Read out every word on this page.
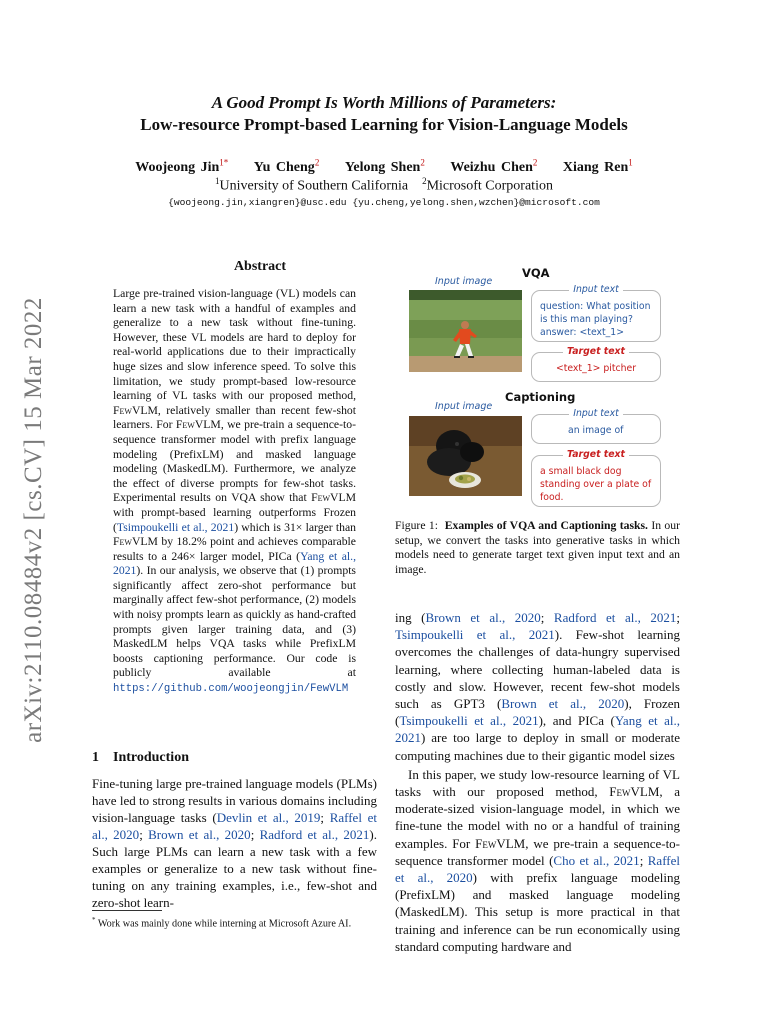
arXiv:2110.08484v2 [cs.CV] 15 Mar 2022
A Good Prompt Is Worth Millions of Parameters:
Low-resource Prompt-based Learning for Vision-Language Models
Woojeong Jin$^{1*}$ Yu Cheng$^2$ Yelong Shen$^2$ Weizhu Chen$^2$ Xiang Ren$^1$
$^1$University of Southern California $^2$Microsoft Corporation
{woojeong.jin,xiangren}@usc.edu {yu.cheng,yelong.shen,wzchen}@microsoft.com
Abstract

Large pre-trained vision-language (VL) models can learn a new task with a handful of examples and generalize to a new task without fine-tuning. However, these VL models are hard to deploy for real-world applications due to their impractically huge sizes and slow inference speed. To solve this limitation, we study prompt-based low-resource learning of VL tasks with our proposed method, FewVLM, relatively smaller than recent few-shot learners. For FewVLM, we pre-train a sequence-to-sequence transformer model with prefix language modeling (PrefixLM) and masked language modeling (MaskedLM). Furthermore, we analyze the effect of diverse prompts for few-shot tasks. Experimental results on VQA show that FewVLM with prompt-based learning outperforms Frozen (Tsimpoukelli et al., 2021) which is 31× larger than FewVLM by 18.2% point and achieves comparable results to a 246× larger model, PICa (Yang et al., 2021). In our analysis, we observe that (1) prompts significantly affect zero-shot performance but marginally affect few-shot performance, (2) models with noisy prompts learn as quickly as hand-crafted prompts given larger training data, and (3) MaskedLM helps VQA tasks while PrefixLM boosts captioning performance. Our code is publicly available at https://github.com/woojeongjin/FewVLM

1 Introduction

Fine-tuning large pre-trained language models (PLMs) have led to strong results in various domains including vision-language tasks (Devlin et al., 2019; Raffel et al., 2020; Brown et al., 2020; Radford et al., 2021). Such large PLMs can learn a new task with a few examples or generalize to a new task without fine-tuning on any training examples, i.e., few-shot and zero-shot learn-

* Work was mainly done while interning at Microsoft Azure AI.
Input image
VQA
Input text
question: What position is this man playing? answer: <text_1>
Target text
<text_1> pitcher
Captioning
Input image
Input text
an image of
Target text
a small black dog standing over a plate of food.
Figure 1: Examples of VQA and Captioning tasks. In our setup, we convert the tasks into generative tasks in which models need to generate target text given input text and an image.

ing (Brown et al., 2020; Radford et al., 2021; Tsimpoukelli et al., 2021). Few-shot learning overcomes the challenges of data-hungry supervised learning, where collecting human-labeled data is costly and slow. However, recent few-shot models such as GPT3 (Brown et al., 2020), Frozen (Tsimpoukelli et al., 2021), and PICa (Yang et al., 2021) are too large to deploy in small or moderate computing machines due to their gigantic model sizes

In this paper, we study low-resource learning of VL tasks with our proposed method, FewVLM, a moderate-sized vision-language model, in which we fine-tune the model with no or a handful of training examples. For FewVLM, we pre-train a sequence-to-sequence transformer model (Cho et al., 2021; Raffel et al., 2020) with prefix language modeling (PrefixLM) and masked language modeling (MaskedLM). This setup is more practical in that training and inference can be run economically using standard computing hardware and
